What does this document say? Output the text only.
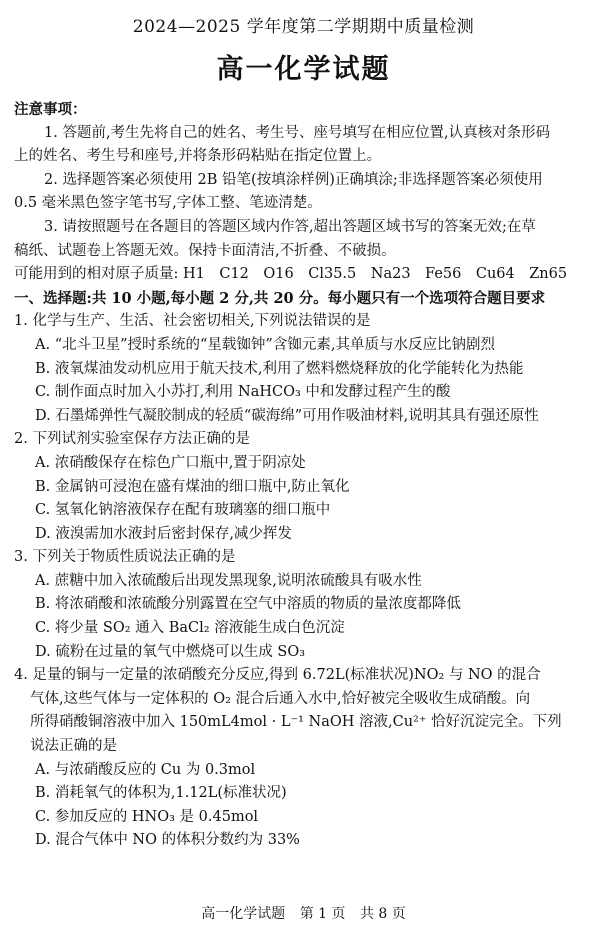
2024—2025 学年度第二学期期中质量检测
高一化学试题
注意事项：
1. 答题前,考生先将自己的姓名、考生号、座号填写在相应位置,认真核对条形码
上的姓名、考生号和座号,并将条形码粘贴在指定位置上。
2. 选择题答案必须使用 2B 铅笔(按填涂样例)正确填涂;非选择题答案必须使用
0.5 毫米黑色签字笔书写,字体工整、笔迹清楚。
3. 请按照题号在各题目的答题区域内作答,超出答题区域书写的答案无效;在草
稿纸、试题卷上答题无效。保持卡面清洁,不折叠、不破损。
可能用到的相对原子质量: H1　C12　O16　Cl35.5　Na23　Fe56　Cu64　Zn65
一、选择题:共 10 小题,每小题 2 分,共 20 分。每小题只有一个选项符合题目要求
1. 化学与生产、生活、社会密切相关,下列说法错误的是
A. “北斗卫星”授时系统的“星载铷钟”含铷元素,其单质与水反应比钠剧烈
B. 液氧煤油发动机应用于航天技术,利用了燃料燃烧释放的化学能转化为热能
C. 制作面点时加入小苏打,利用 NaHCO₃ 中和发酵过程产生的酸
D. 石墨烯弹性气凝胶制成的轻质“碳海绵”可用作吸油材料,说明其具有强还原性
2. 下列试剂实验室保存方法正确的是
A. 浓硝酸保存在棕色广口瓶中,置于阴凉处
B. 金属钠可浸泡在盛有煤油的细口瓶中,防止氧化
C. 氢氧化钠溶液保存在配有玻璃塞的细口瓶中
D. 液溴需加水液封后密封保存,减少挥发
3. 下列关于物质性质说法正确的是
A. 蔗糖中加入浓硫酸后出现发黑现象,说明浓硫酸具有吸水性
B. 将浓硝酸和浓硫酸分别露置在空气中溶质的物质的量浓度都降低
C. 将少量 SO₂ 通入 BaCl₂ 溶液能生成白色沉淀
D. 硫粉在过量的氧气中燃烧可以生成 SO₃
4. 足量的铜与一定量的浓硝酸充分反应,得到 6.72L(标准状况)NO₂ 与 NO 的混合
气体,这些气体与一定体积的 O₂ 混合后通入水中,恰好被完全吸收生成硝酸。向
所得硝酸铜溶液中加入 150mL4mol · L⁻¹ NaOH 溶液,Cu²⁺ 恰好沉淀完全。下列
说法正确的是
A. 与浓硝酸反应的 Cu 为 0.3mol
B. 消耗氧气的体积为,1.12L(标准状况)
C. 参加反应的 HNO₃ 是 0.45mol
D. 混合气体中 NO 的体积分数约为 33%
高一化学试题 第 1 页 共 8 页
